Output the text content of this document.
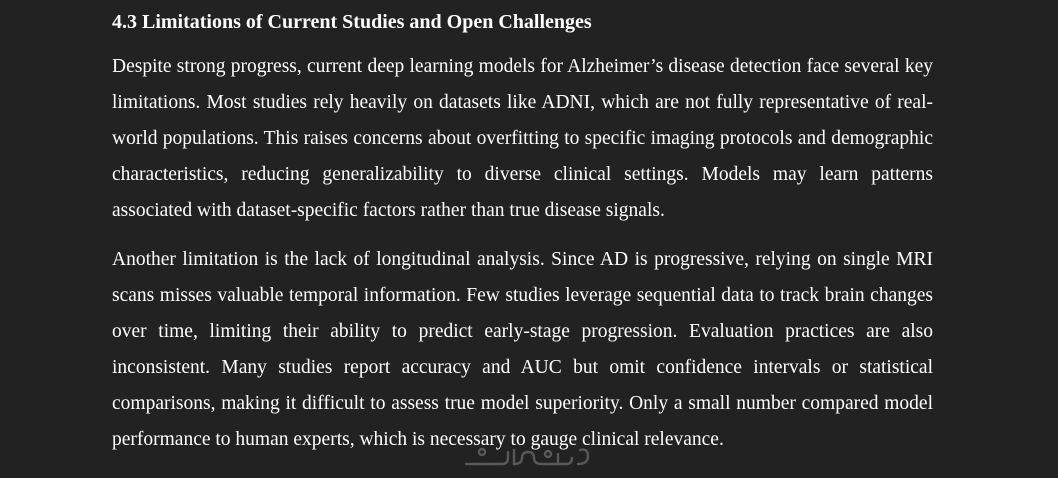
4.3 Limitations of Current Studies and Open Challenges

Despite strong progress, current deep learning models for Alzheimer’s disease detection face several key limitations. Most studies rely heavily on datasets like ADNI, which are not fully representative of real-world populations. This raises concerns about overfitting to specific imaging protocols and demographic characteristics, reducing generalizability to diverse clinical settings. Models may learn patterns associated with dataset-specific factors rather than true disease signals.

Another limitation is the lack of longitudinal analysis. Since AD is progressive, relying on single MRI scans misses valuable temporal information. Few studies leverage sequential data to track brain changes over time, limiting their ability to predict early-stage progression. Evaluation practices are also inconsistent. Many studies report accuracy and AUC but omit confidence intervals or statistical comparisons, making it difficult to assess true model superiority. Only a small number compared model performance to human experts, which is necessary to gauge clinical relevance.
